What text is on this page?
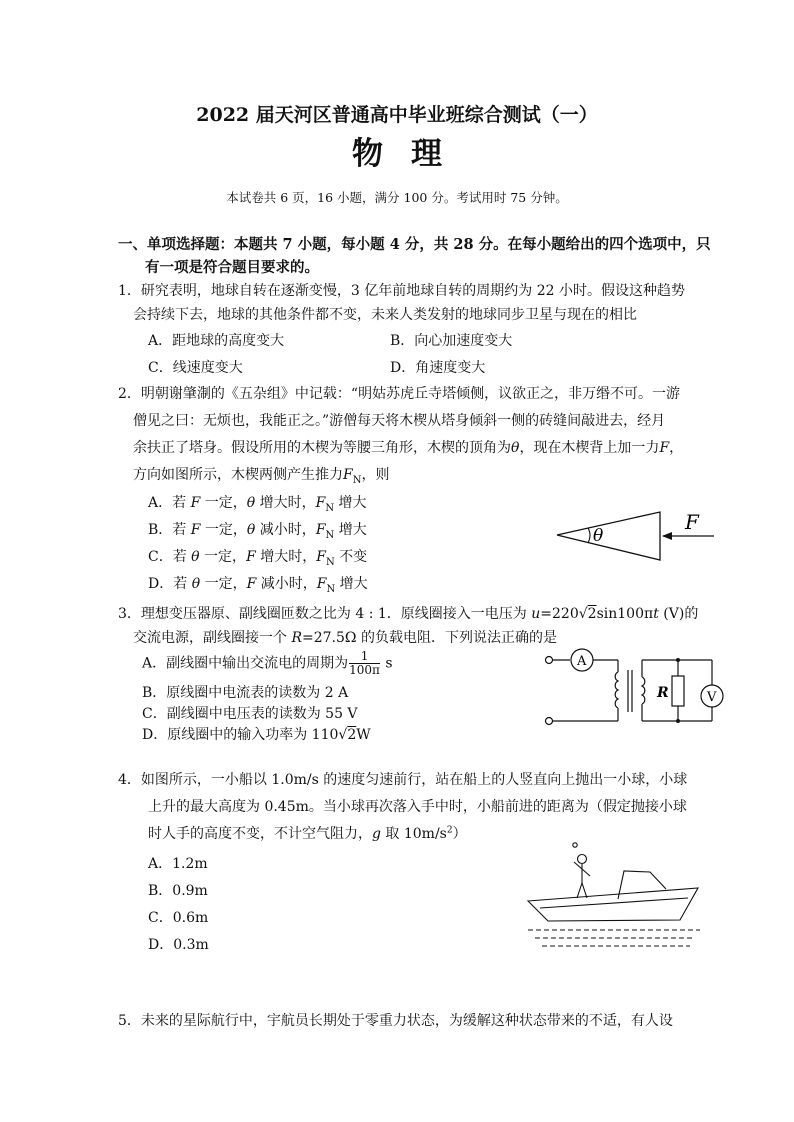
2022 届天河区普通高中毕业班综合测试（一）
物理
本试卷共 6 页，16 小题，满分 100 分。考试用时 75 分钟。
一、单项选择题：本题共 7 小题，每小题 4 分，共 28 分。在每小题给出的四个选项中，只
有一项是符合题目要求的。
1．研究表明，地球自转在逐渐变慢，3 亿年前地球自转的周期约为 22 小时。假设这种趋势
会持续下去，地球的其他条件都不变，未来人类发射的地球同步卫星与现在的相比
A．距地球的高度变大	B．向心加速度变大
C．线速度变大	D．角速度变大
2．明朝谢肇淛的《五杂组》中记载：“明姑苏虎丘寺塔倾侧，议欲正之，非万缗不可。一游
僧见之曰：无烦也，我能正之。”游僧每天将木楔从塔身倾斜一侧的砖缝间敲进去，经月
余扶正了塔身。假设所用的木楔为等腰三角形，木楔的顶角为θ，现在木楔背上加一力F，
方向如图所示，木楔两侧产生推力$F_N$，则
A．若 F 一定，θ 增大时，$F_N$ 增大
B．若 F 一定，θ 减小时，$F_N$ 增大
C．若 θ 一定，F 增大时，$F_N$ 不变
D．若 θ 一定，F 减小时，$F_N$ 增大
θ
F
3．理想变压器原、副线圈匝数之比为 4 : 1．原线圈接入一电压为 u=220√2sin100πt (V)的
交流电源，副线圈接一个 R=27.5Ω 的负载电阻．下列说法正确的是
A．副线圈中输出交流电的周期为 $\frac{1}{100\pi}$ s
B．原线圈中电流表的读数为 2 A
C．副线圈中电压表的读数为 55 V
D．原线圈中的输入功率为 110√2W
A
R	V
4．如图所示，一小船以 1.0m/s 的速度匀速前行，站在船上的人竖直向上抛出一小球，小球
上升的最大高度为 0.45m。当小球再次落入手中时，小船前进的距离为（假定抛接小球
时人手的高度不变，不计空气阻力，g 取 $10m/s^2$）
A．1.2m
B．0.9m
C．0.6m
D．0.3m
5．未来的星际航行中，宇航员长期处于零重力状态，为缓解这种状态带来的不适，有人设
